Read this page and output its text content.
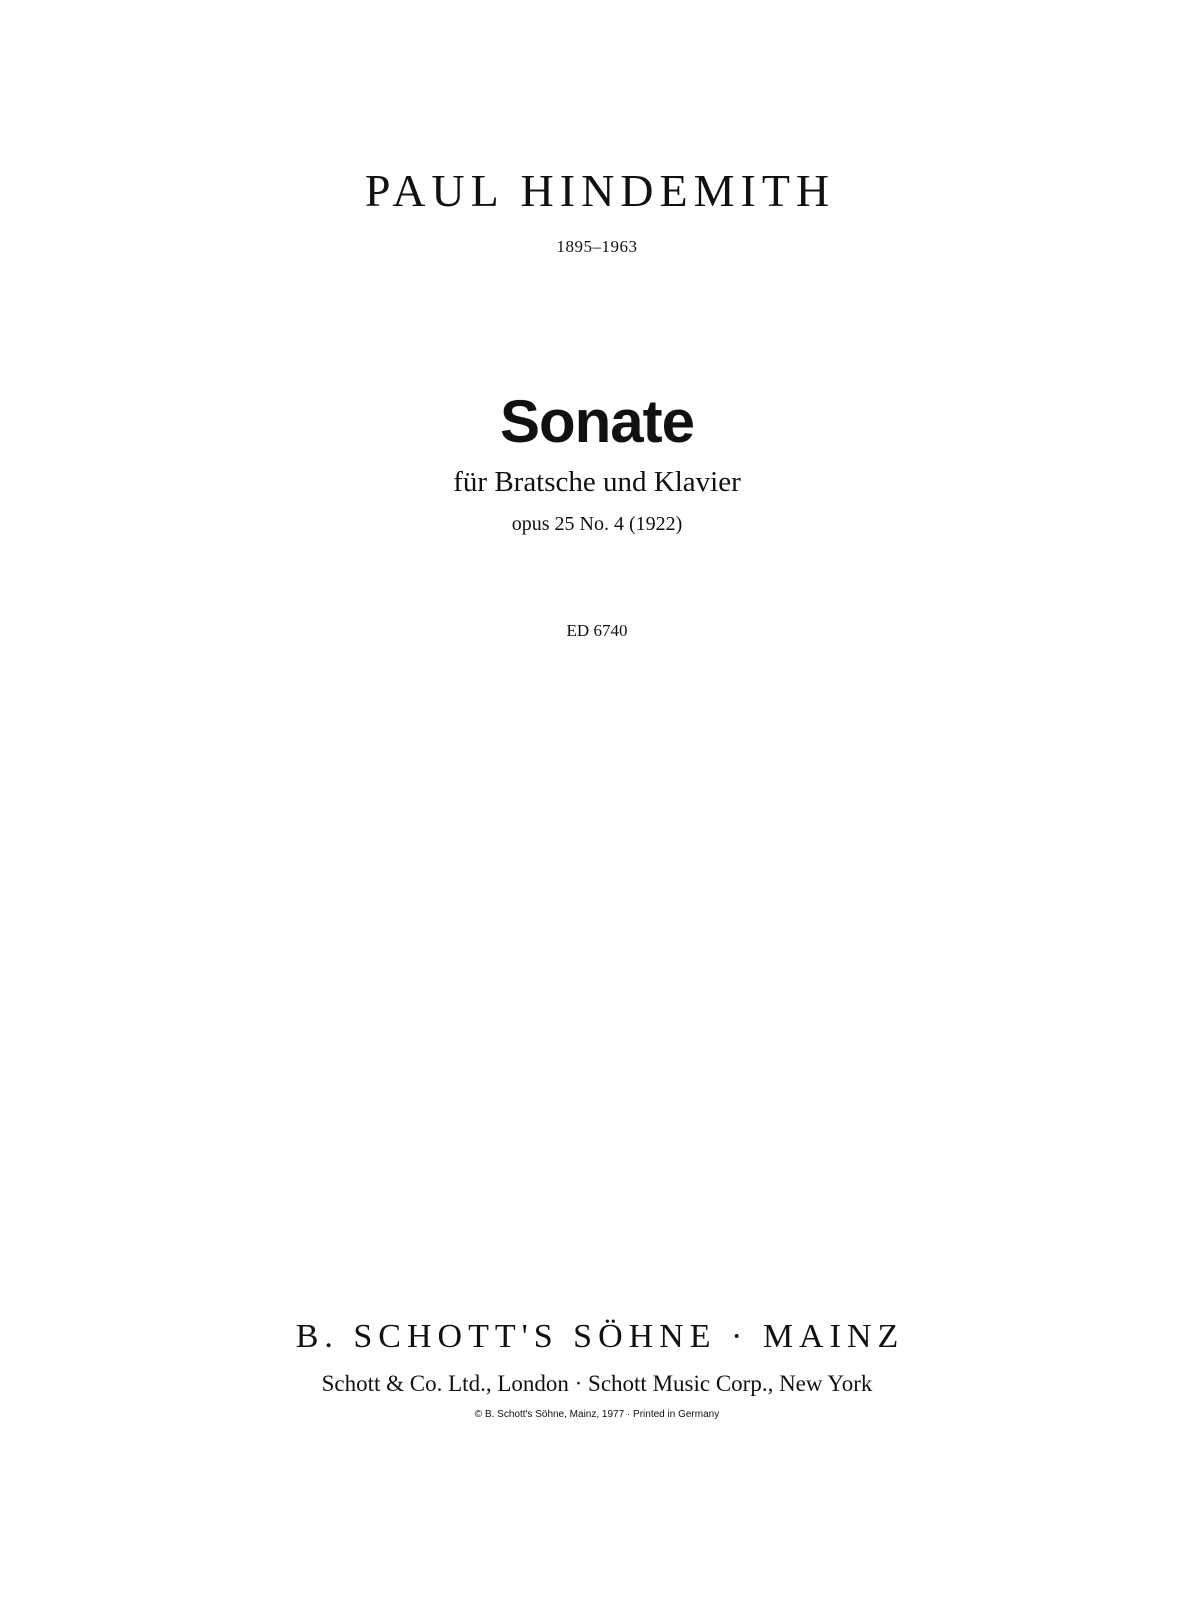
PAUL HINDEMITH

1895–1963

Sonate

für Bratsche und Klavier

opus 25 No. 4 (1922)

ED 6740

B. SCHOTT'S SÖHNE · MAINZ

Schott & Co. Ltd., London · Schott Music Corp., New York

© B. Schott's Söhne, Mainz, 1977 · Printed in Germany
